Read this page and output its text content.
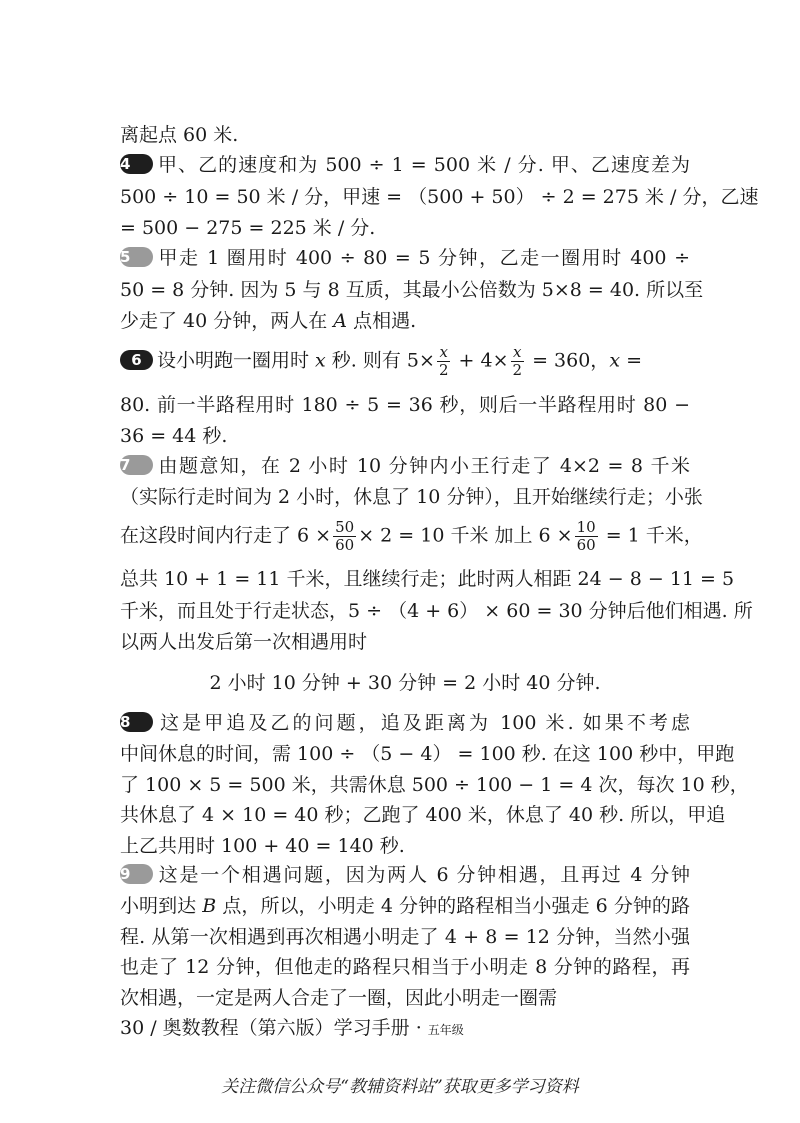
离起点 60 米.
4 甲、乙的速度和为 500 ÷ 1 = 500 米 / 分. 甲、乙速度差为
500 ÷ 10 = 50 米 / 分，甲速 = （500 + 50） ÷ 2 = 275 米 / 分，乙速
= 500 − 275 = 225 米 / 分.
5 甲走 1 圈用时 400 ÷ 80 = 5 分钟，乙走一圈用时 400 ÷
50 = 8 分钟. 因为 5 与 8 互质，其最小公倍数为 5×8 = 40. 所以至
少走了 40 分钟，两人在 A 点相遇.
6 设小明跑一圈用时 x 秒. 则有 $5\times \frac{x}{2} + 4\times \frac{x}{2} = 360$，x =
80. 前一半路程用时 180 ÷ 5 = 36 秒，则后一半路程用时 80 −
36 = 44 秒.
7 由题意知，在 2 小时 10 分钟内小王行走了 4×2 = 8 千米
（实际行走时间为 2 小时，休息了 10 分钟），且开始继续行走；小张
在这段时间内行走了 $6 \times \frac{50}{60} \times 2 = 10$ 千米 加上 $6 \times \frac{10}{60} = 1$ 千米，
总共 10 + 1 = 11 千米，且继续行走；此时两人相距 24 − 8 − 11 = 5
千米，而且处于行走状态，5 ÷ （4 + 6） × 60 = 30 分钟后他们相遇. 所
以两人出发后第一次相遇用时
2 小时 10 分钟 + 30 分钟 = 2 小时 40 分钟.
8 这是甲追及乙的问题，追及距离为 100 米. 如果不考虑
中间休息的时间，需 100 ÷ （5 − 4） = 100 秒. 在这 100 秒中，甲跑
了 100 × 5 = 500 米，共需休息 500 ÷ 100 − 1 = 4 次，每次 10 秒，
共休息了 4 × 10 = 40 秒；乙跑了 400 米，休息了 40 秒. 所以，甲追
上乙共用时 100 + 40 = 140 秒.
9 这是一个相遇问题，因为两人 6 分钟相遇，且再过 4 分钟
小明到达 B 点，所以，小明走 4 分钟的路程相当小强走 6 分钟的路
程. 从第一次相遇到再次相遇小明走了 4 + 8 = 12 分钟，当然小强
也走了 12 分钟，但他走的路程只相当于小明走 8 分钟的路程，再
次相遇，一定是两人合走了一圈，因此小明走一圈需
30 / 奥数教程（第六版）学习手册 · 五年级
关注微信公众号“教辅资料站”获取更多学习资料
